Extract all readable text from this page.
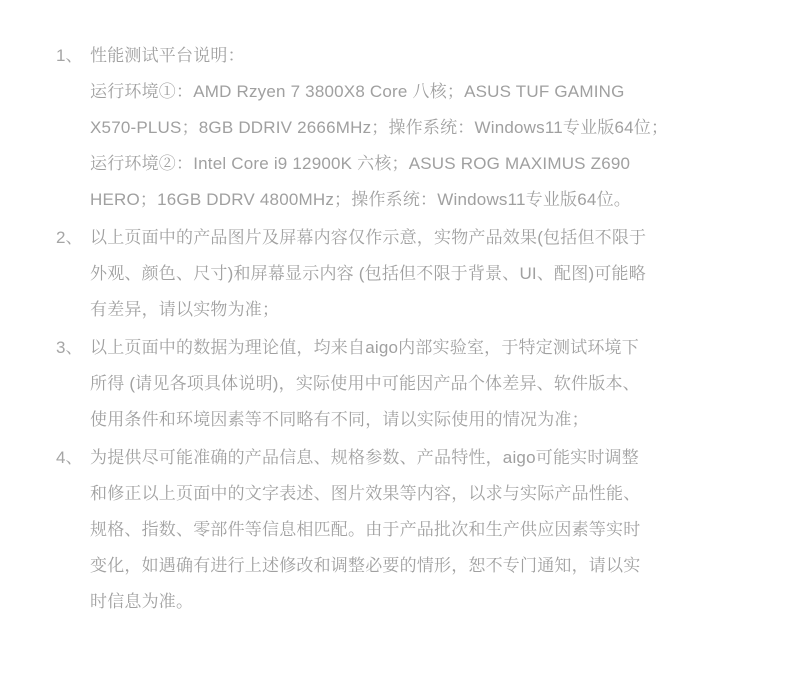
1、 性能测试平台说明：
运行环境①：AMD Rzyen 7 3800X8 Core 八核；ASUS TUF GAMING
X570-PLUS；8GB DDRIV 2666MHz；操作系统：Windows11专业版64位；
运行环境②：Intel Core i9 12900K 六核；ASUS ROG MAXIMUS Z690
HERO；16GB DDRV 4800MHz；操作系统：Windows11专业版64位。
2、 以上页面中的产品图片及屏幕内容仅作示意，实物产品效果(包括但不限于
外观、颜色、尺寸)和屏幕显示内容 (包括但不限于背景、UI、配图)可能略
有差异，请以实物为准；
3、 以上页面中的数据为理论值，均来自aigo内部实验室，于特定测试环境下
所得 (请见各项具体说明)，实际使用中可能因产品个体差异、软件版本、
使用条件和环境因素等不同略有不同，请以实际使用的情况为准；
4、 为提供尽可能准确的产品信息、规格参数、产品特性，aigo可能实时调整
和修正以上页面中的文字表述、图片效果等内容，以求与实际产品性能、
规格、指数、零部件等信息相匹配。由于产品批次和生产供应因素等实时
变化，如遇确有进行上述修改和调整必要的情形，恕不专门通知，请以实
时信息为准。
